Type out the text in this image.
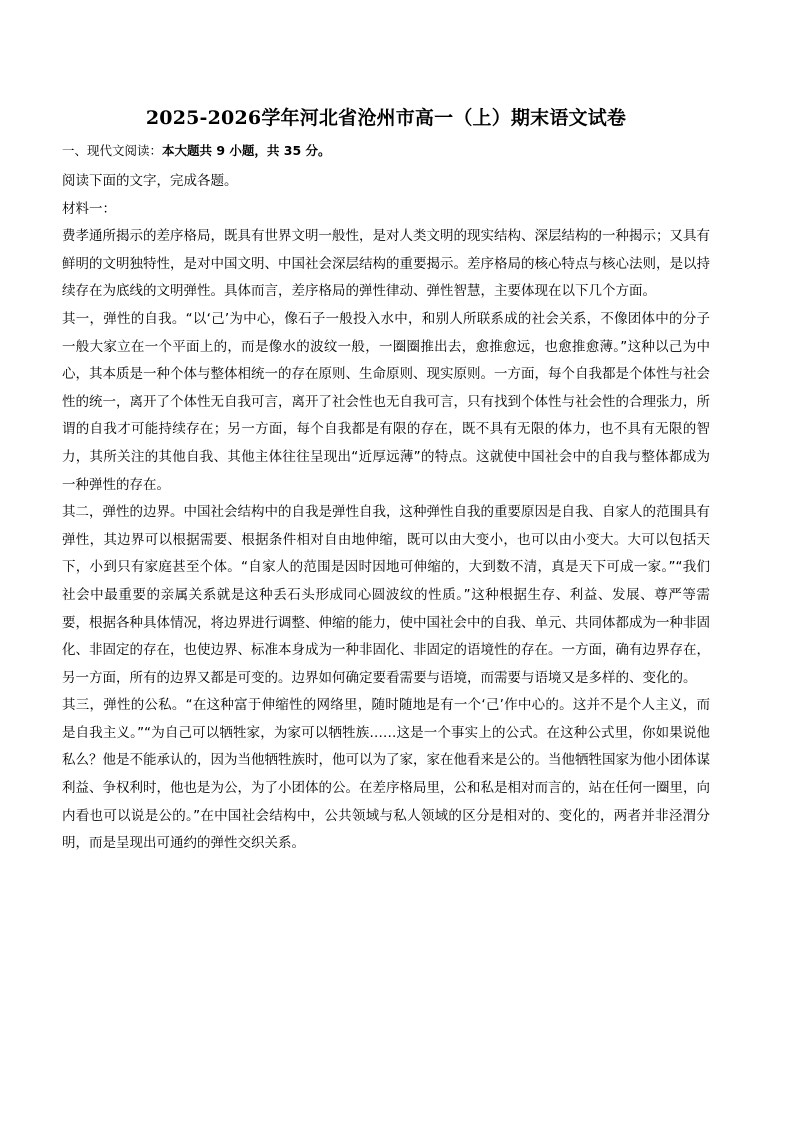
2025-2026学年河北省沧州市高一（上）期末语文试卷
一、现代文阅读：本大题共 9 小题，共 35 分。
阅读下面的文字，完成各题。
材料一：
费孝通所揭示的差序格局，既具有世界文明一般性，是对人类文明的现实结构、深层结构的一种揭示；又具有鲜明的文明独特性，是对中国文明、中国社会深层结构的重要揭示。差序格局的核心特点与核心法则，是以持续存在为底线的文明弹性。具体而言，差序格局的弹性律动、弹性智慧，主要体现在以下几个方面。
其一，弹性的自我。“以‘己’为中心，像石子一般投入水中，和别人所联系成的社会关系，不像团体中的分子一般大家立在一个平面上的，而是像水的波纹一般，一圈圈推出去，愈推愈远，也愈推愈薄。”这种以己为中心，其本质是一种个体与整体相统一的存在原则、生命原则、现实原则。一方面，每个自我都是个体性与社会性的统一，离开了个体性无自我可言，离开了社会性也无自我可言，只有找到个体性与社会性的合理张力，所谓的自我才可能持续存在；另一方面，每个自我都是有限的存在，既不具有无限的体力，也不具有无限的智力，其所关注的其他自我、其他主体往往呈现出“近厚远薄”的特点。这就使中国社会中的自我与整体都成为一种弹性的存在。
其二，弹性的边界。中国社会结构中的自我是弹性自我，这种弹性自我的重要原因是自我、自家人的范围具有弹性，其边界可以根据需要、根据条件相对自由地伸缩，既可以由大变小，也可以由小变大。大可以包括天下，小到只有家庭甚至个体。“自家人的范围是因时因地可伸缩的，大到数不清，真是天下可成一家。”“我们社会中最重要的亲属关系就是这种丢石头形成同心圆波纹的性质。”这种根据生存、利益、发展、尊严等需要，根据各种具体情况，将边界进行调整、伸缩的能力，使中国社会中的自我、单元、共同体都成为一种非固化、非固定的存在，也使边界、标准本身成为一种非固化、非固定的语境性的存在。一方面，确有边界存在，另一方面，所有的边界又都是可变的。边界如何确定要看需要与语境，而需要与语境又是多样的、变化的。
其三，弹性的公私。“在这种富于伸缩性的网络里，随时随地是有一个‘己’作中心的。这并不是个人主义，而是自我主义。”“为自己可以牺牲家，为家可以牺牲族……这是一个事实上的公式。在这种公式里，你如果说他私么？他是不能承认的，因为当他牺牲族时，他可以为了家，家在他看来是公的。当他牺牲国家为他小团体谋利益、争权利时，他也是为公，为了小团体的公。在差序格局里，公和私是相对而言的，站在任何一圈里，向内看也可以说是公的。”在中国社会结构中，公共领域与私人领域的区分是相对的、变化的，两者并非泾渭分明，而是呈现出可通约的弹性交织关系。
